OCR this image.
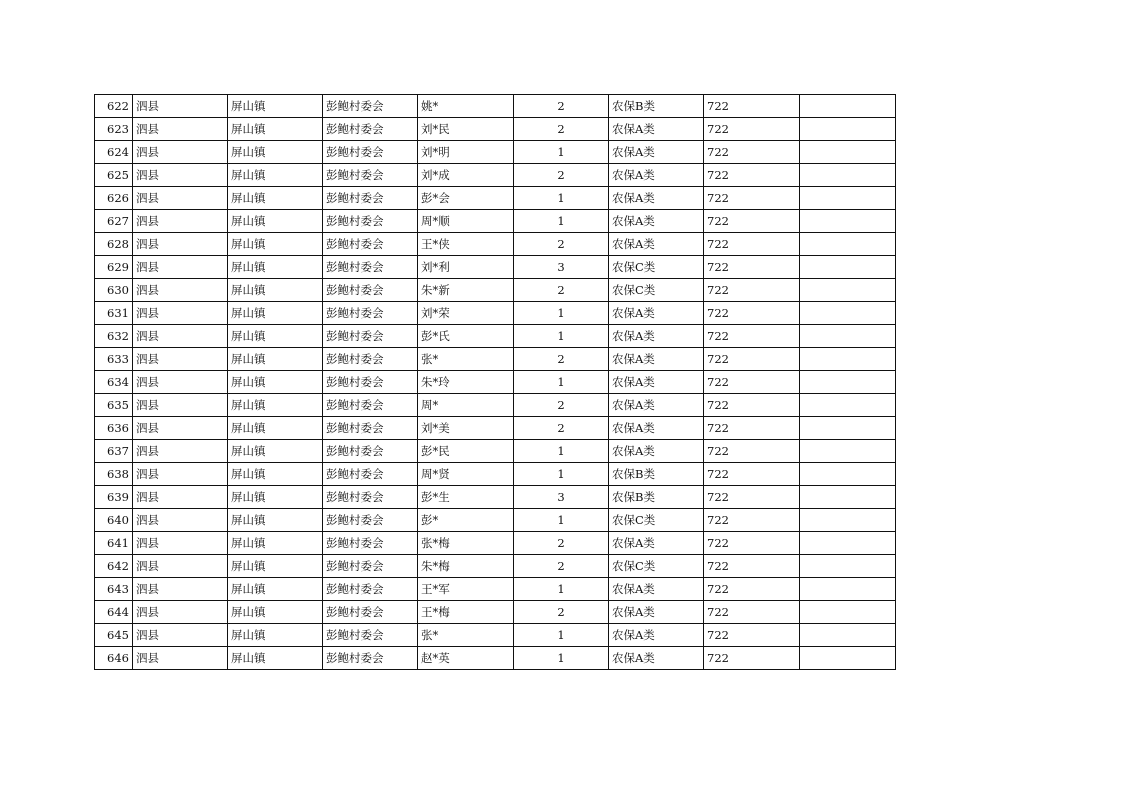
622	泗县	屏山镇	彭鲍村委会	姚*	2	农保B类	722	
623	泗县	屏山镇	彭鲍村委会	刘*民	2	农保A类	722	
624	泗县	屏山镇	彭鲍村委会	刘*明	1	农保A类	722	
625	泗县	屏山镇	彭鲍村委会	刘*成	2	农保A类	722	
626	泗县	屏山镇	彭鲍村委会	彭*会	1	农保A类	722	
627	泗县	屏山镇	彭鲍村委会	周*顺	1	农保A类	722	
628	泗县	屏山镇	彭鲍村委会	王*侠	2	农保A类	722	
629	泗县	屏山镇	彭鲍村委会	刘*利	3	农保C类	722	
630	泗县	屏山镇	彭鲍村委会	朱*新	2	农保C类	722	
631	泗县	屏山镇	彭鲍村委会	刘*荣	1	农保A类	722	
632	泗县	屏山镇	彭鲍村委会	彭*氏	1	农保A类	722	
633	泗县	屏山镇	彭鲍村委会	张*	2	农保A类	722	
634	泗县	屏山镇	彭鲍村委会	朱*玲	1	农保A类	722	
635	泗县	屏山镇	彭鲍村委会	周*	2	农保A类	722	
636	泗县	屏山镇	彭鲍村委会	刘*美	2	农保A类	722	
637	泗县	屏山镇	彭鲍村委会	彭*民	1	农保A类	722	
638	泗县	屏山镇	彭鲍村委会	周*贤	1	农保B类	722	
639	泗县	屏山镇	彭鲍村委会	彭*生	3	农保B类	722	
640	泗县	屏山镇	彭鲍村委会	彭*	1	农保C类	722	
641	泗县	屏山镇	彭鲍村委会	张*梅	2	农保A类	722	
642	泗县	屏山镇	彭鲍村委会	朱*梅	2	农保C类	722	
643	泗县	屏山镇	彭鲍村委会	王*军	1	农保A类	722	
644	泗县	屏山镇	彭鲍村委会	王*梅	2	农保A类	722	
645	泗县	屏山镇	彭鲍村委会	张*	1	农保A类	722	
646	泗县	屏山镇	彭鲍村委会	赵*英	1	农保A类	722	
